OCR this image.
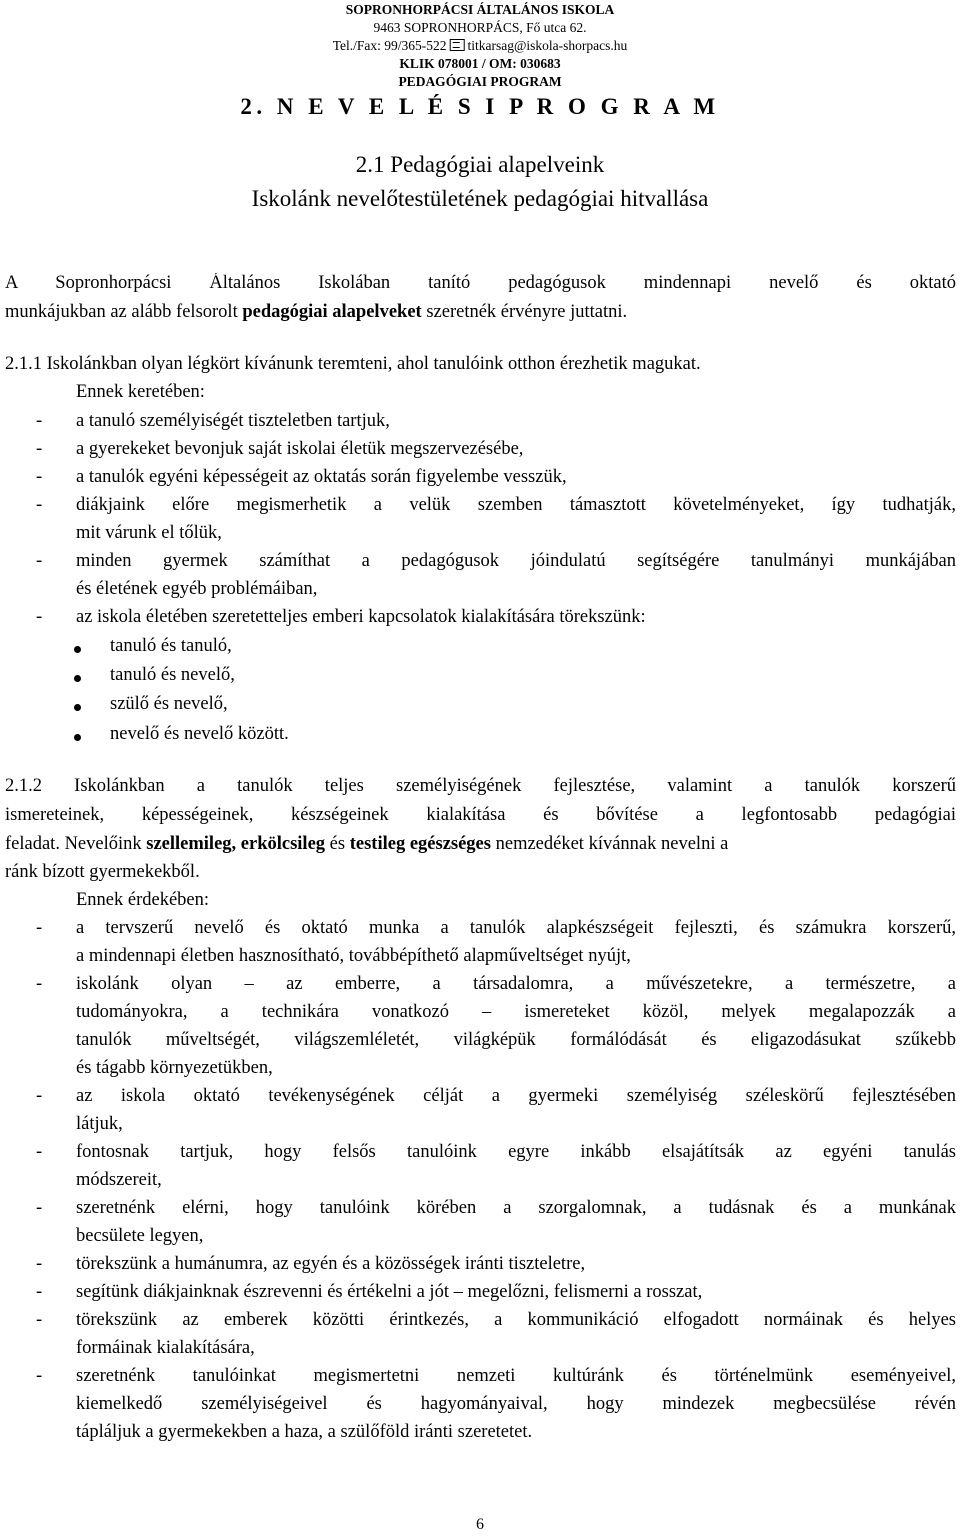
SOPRONHORPÁCSI ÁLTALÁNOS ISKOLA
9463 SOPRONHORPÁCS, Fő utca 62.
Tel./Fax: 99/365-522 titkarsag@iskola-shorpacs.hu
KLIK 078001 / OM: 030683
PEDAGÓGIAI PROGRAM
2. N E V E L É S I P R O G R A M
2.1 Pedagógiai alapelveink
Iskolánk nevelőtestületének pedagógiai hitvallása
A Sopronhorpácsi Általános Iskolában tanító pedagógusok mindennapi nevelő és oktató
munkájukban az alább felsorolt pedagógiai alapelveket szeretnék érvényre juttatni.
2.1.1 Iskolánkban olyan légkört kívánunk teremteni, ahol tanulóink otthon érezhetik magukat.
Ennek keretében:
- a tanuló személyiségét tiszteletben tartjuk,
- a gyerekeket bevonjuk saját iskolai életük megszervezésébe,
- a tanulók egyéni képességeit az oktatás során figyelembe vesszük,
- diákjaink előre megismerhetik a velük szemben támasztott követelményeket, így tudhatják,
mit várunk el tőlük,
- minden gyermek számíthat a pedagógusok jóindulatú segítségére tanulmányi munkájában
és életének egyéb problémáiban,
- az iskola életében szeretetteljes emberi kapcsolatok kialakítására törekszünk:
tanuló és tanuló,
tanuló és nevelő,
szülő és nevelő,
nevelő és nevelő között.
2.1.2 Iskolánkban a tanulók teljes személyiségének fejlesztése, valamint a tanulók korszerű
ismereteinek, képességeinek, készségeinek kialakítása és bővítése a legfontosabb pedagógiai
feladat. Nevelőink szellemileg, erkölcsileg és testileg egészséges nemzedéket kívánnak nevelni a
ránk bízott gyermekekből.
Ennek érdekében:
- a tervszerű nevelő és oktató munka a tanulók alapkészségeit fejleszti, és számukra korszerű,
a mindennapi életben hasznosítható, továbbépíthető alapműveltséget nyújt,
- iskolánk olyan – az emberre, a társadalomra, a művészetekre, a természetre, a
tudományokra, a technikára vonatkozó – ismereteket közöl, melyek megalapozzák a
tanulók műveltségét, világszemléletét, világképük formálódását és eligazodásukat szűkebb
és tágabb környezetükben,
- az iskola oktató tevékenységének célját a gyermeki személyiség széleskörű fejlesztésében
látjuk,
- fontosnak tartjuk, hogy felsős tanulóink egyre inkább elsajátítsák az egyéni tanulás
módszereit,
- szeretnénk elérni, hogy tanulóink körében a szorgalomnak, a tudásnak és a munkának
becsülete legyen,
- törekszünk a humánumra, az egyén és a közösségek iránti tiszteletre,
- segítünk diákjainknak észrevenni és értékelni a jót – megelőzni, felismerni a rosszat,
- törekszünk az emberek közötti érintkezés, a kommunikáció elfogadott normáinak és helyes
formáinak kialakítására,
- szeretnénk tanulóinkat megismertetni nemzeti kultúránk és történelmünk eseményeivel,
kiemelkedő személyiségeivel és hagyományaival, hogy mindezek megbecsülése révén
tápláljuk a gyermekekben a haza, a szülőföld iránti szeretetet.
6
